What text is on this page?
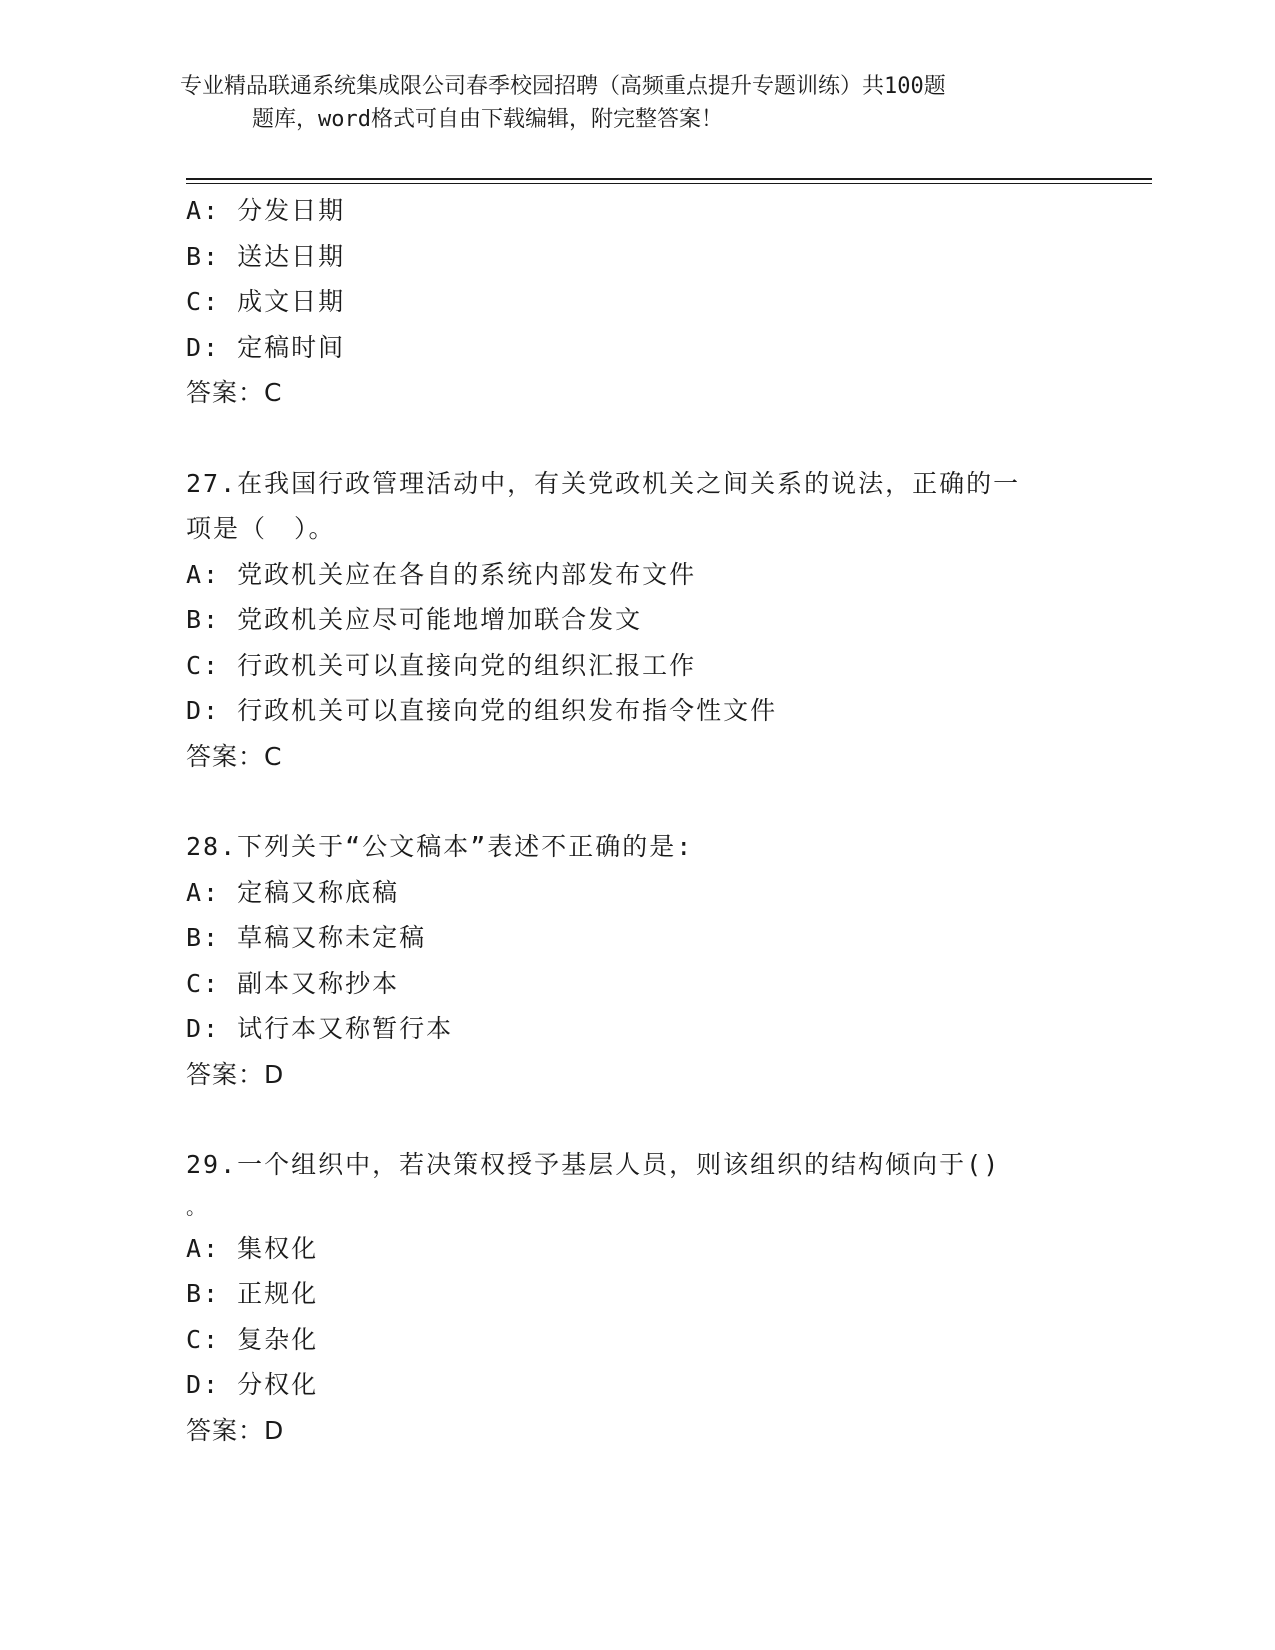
专业精品联通系统集成限公司春季校园招聘（高频重点提升专题训练）共100题
题库，word格式可自由下载编辑，附完整答案！
A: 分发日期
B: 送达日期
C: 成文日期
D: 定稿时间
答案：C
27.在我国行政管理活动中，有关党政机关之间关系的说法，正确的一
项是（　）。
A: 党政机关应在各自的系统内部发布文件
B: 党政机关应尽可能地增加联合发文
C: 行政机关可以直接向党的组织汇报工作
D: 行政机关可以直接向党的组织发布指令性文件
答案：C
28.下列关于“公文稿本”表述不正确的是:
A: 定稿又称底稿
B: 草稿又称未定稿
C: 副本又称抄本
D: 试行本又称暂行本
答案：D
29.一个组织中，若决策权授予基层人员，则该组织的结构倾向于()
。
A: 集权化
B: 正规化
C: 复杂化
D: 分权化
答案：D
